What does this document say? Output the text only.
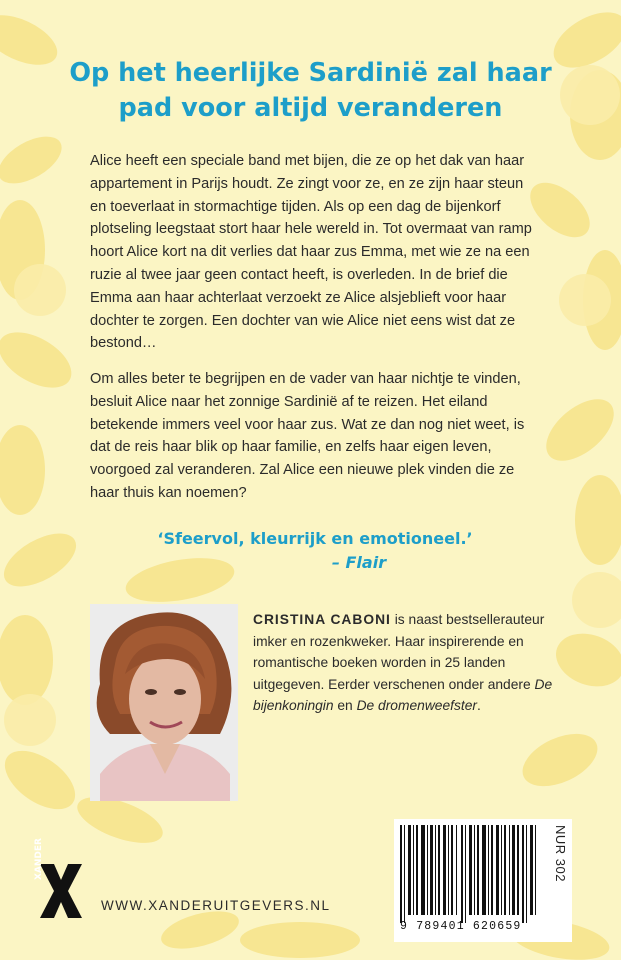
Op het heerlijke Sardinië zal haar
pad voor altijd veranderen

Alice heeft een speciale band met bijen, die ze op het dak van haar appartement in Parijs houdt. Ze zingt voor ze, en ze zijn haar steun en toeverlaat in stormachtige tijden. Als op een dag de bijenkorf plotseling leegstaat stort haar hele wereld in. Tot overmaat van ramp hoort Alice kort na dit verlies dat haar zus Emma, met wie ze na een ruzie al twee jaar geen contact heeft, is overleden. In de brief die Emma aan haar achterlaat verzoekt ze Alice alsjeblieft voor haar dochter te zorgen. Een dochter van wie Alice niet eens wist dat ze bestond…

Om alles beter te begrijpen en de vader van haar nichtje te vinden, besluit Alice naar het zonnige Sardinië af te reizen. Het eiland betekende immers veel voor haar zus. Wat ze dan nog niet weet, is dat de reis haar blik op haar familie, en zelfs haar eigen leven, voorgoed zal veranderen. Zal Alice een nieuwe plek vinden die ze haar thuis kan noemen?

‘Sfeervol, kleurrijk en emotioneel.’
– Flair

CRISTINA CABONI is naast bestsellerauteur imker en rozenkweker. Haar inspirerende en romantische boeken worden in 25 landen uitgegeven. Eerder verschenen onder andere De bijenkoningin en De dromenweefster.

NUR 302
9 789401 620659
XANDER
WWW.XANDERUITGEVERS.NL
